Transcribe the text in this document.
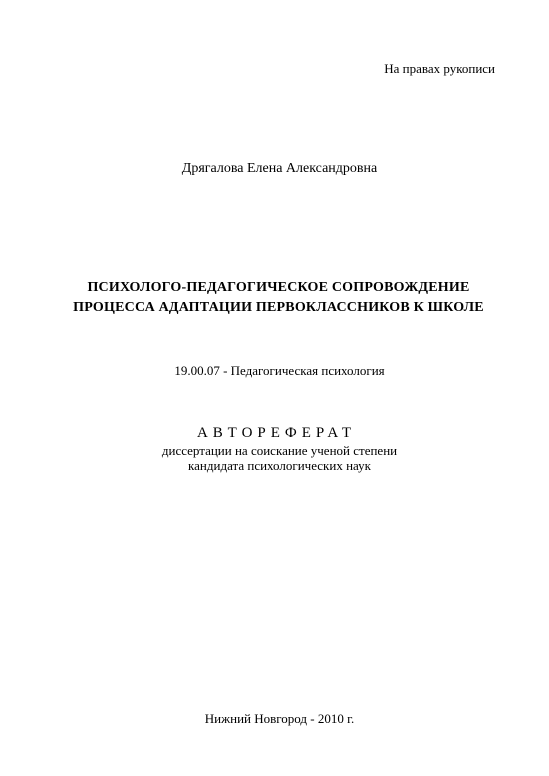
На правах рукописи
Дрягалова Елена Александровна
ПСИХОЛОГО-ПЕДАГОГИЧЕСКОЕ СОПРОВОЖДЕНИЕ
ПРОЦЕССА АДАПТАЦИИ ПЕРВОКЛАССНИКОВ К ШКОЛЕ
19.00.07 - Педагогическая психология
АВТОРЕФЕРАТ
диссертации на соискание ученой степени
кандидата психологических наук
Нижний Новгород - 2010 г.
